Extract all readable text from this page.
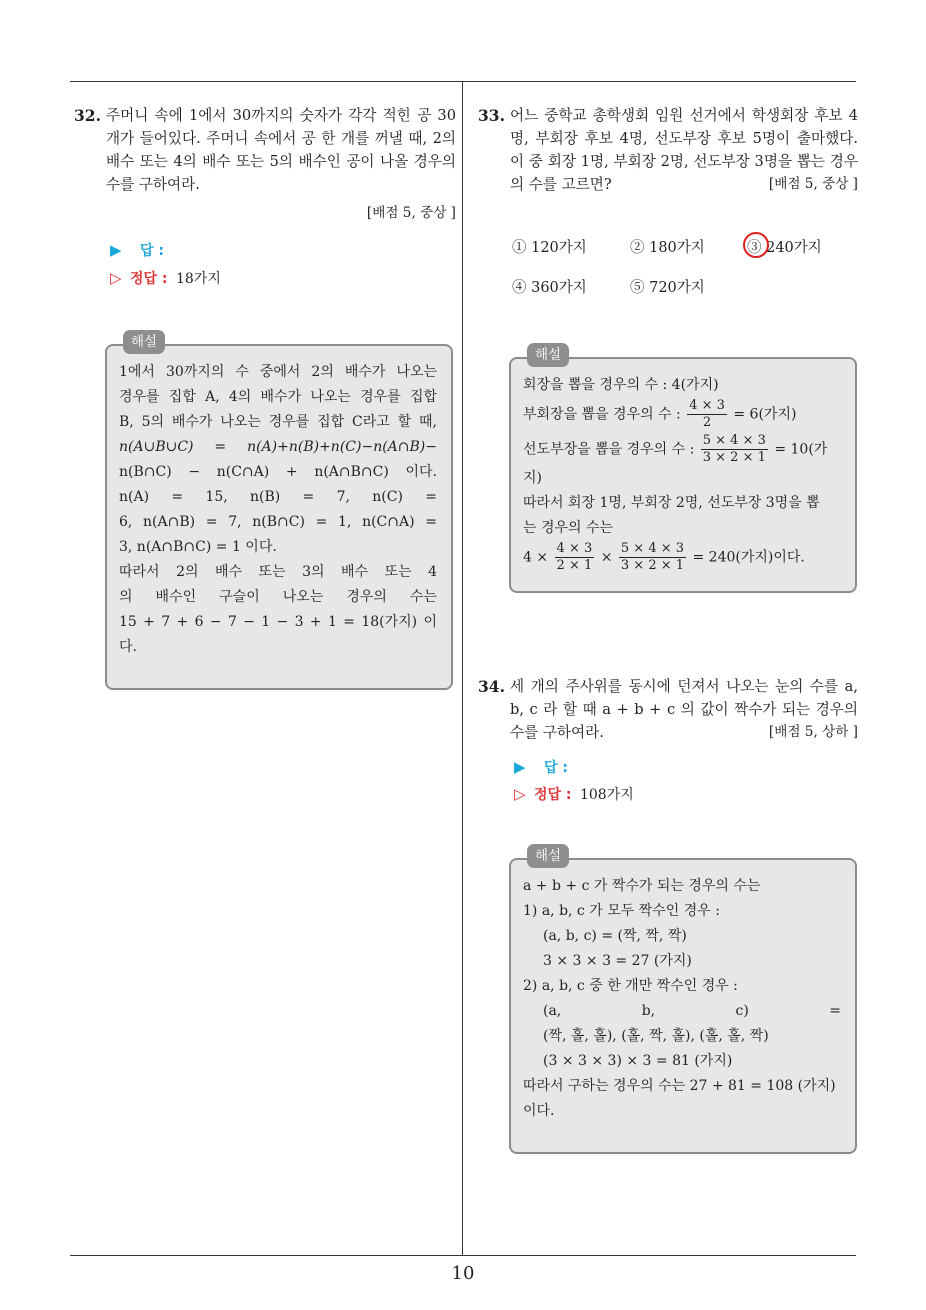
32. 주머니 속에 1에서 30까지의 숫자가 각각 적힌 공 30개가 들어있다. 주머니 속에서 공 한 개를 꺼낼 때, 2의 배수 또는 4의 배수 또는 5의 배수인 공이 나올 경우의 수를 구하여라.
[배점 5, 중상 ]
▶ 답 :
▷ 정답 : 18가지
해설
1에서 30까지의 수 중에서 2의 배수가 나오는
경우를 집합 A, 4의 배수가 나오는 경우를 집합
B, 5의 배수가 나오는 경우를 집합 C라고 할 때,
n(A∪B∪C) = n(A)+n(B)+n(C)−n(A∩B)−
n(B∩C) − n(C∩A) + n(A∩B∩C) 이다.
n(A) = 15, n(B) = 7, n(C) =
6, n(A∩B) = 7, n(B∩C) = 1, n(C∩A) =
3, n(A∩B∩C) = 1 이다.
따라서 2의 배수 또는 3의 배수 또는 4
의 배수인 구슬이 나오는 경우의 수는
15 + 7 + 6 − 7 − 1 − 3 + 1 = 18(가지) 이
다.
33. 어느 중학교 총학생회 임원 선거에서 학생회장 후보 4명, 부회장 후보 4명, 선도부장 후보 5명이 출마했다. 이 중 회장 1명, 부회장 2명, 선도부장 3명을 뽑는 경우의 수를 고르면?	[배점 5, 중상 ]
① 120가지	② 180가지	③ 240가지
④ 360가지	⑤ 720가지
해설
회장을 뽑을 경우의 수 : 4(가지)
부회장을 뽑을 경우의 수 : $\frac{4 \times 3}{2} = 6$(가지)
선도부장을 뽑을 경우의 수 : $\frac{5 \times 4 \times 3}{3 \times 2 \times 1} = 10$(가
지)
따라서 회장 1명, 부회장 2명, 선도부장 3명을 뽑
는 경우의 수는
$4 \times \frac{4 \times 3}{2 \times 1} \times \frac{5 \times 4 \times 3}{3 \times 2 \times 1} = 240$(가지)이다.
34. 세 개의 주사위를 동시에 던져서 나오는 눈의 수를 a, b, c 라 할 때 a + b + c 의 값이 짝수가 되는 경우의 수를 구하여라.	[배점 5, 상하 ]
▶ 답 :
▷ 정답 : 108가지
해설
a + b + c 가 짝수가 되는 경우의 수는
1) a, b, c 가 모두 짝수인 경우 :
(a, b, c) = (짝, 짝, 짝)
3 × 3 × 3 = 27 (가지)
2) a, b, c 중 한 개만 짝수인 경우 :
(a, b, c) =
(짝, 홀, 홀), (홀, 짝, 홀), (홀, 홀, 짝)
(3 × 3 × 3) × 3 = 81 (가지)
따라서 구하는 경우의 수는 27 + 81 = 108 (가지)
이다.
10
